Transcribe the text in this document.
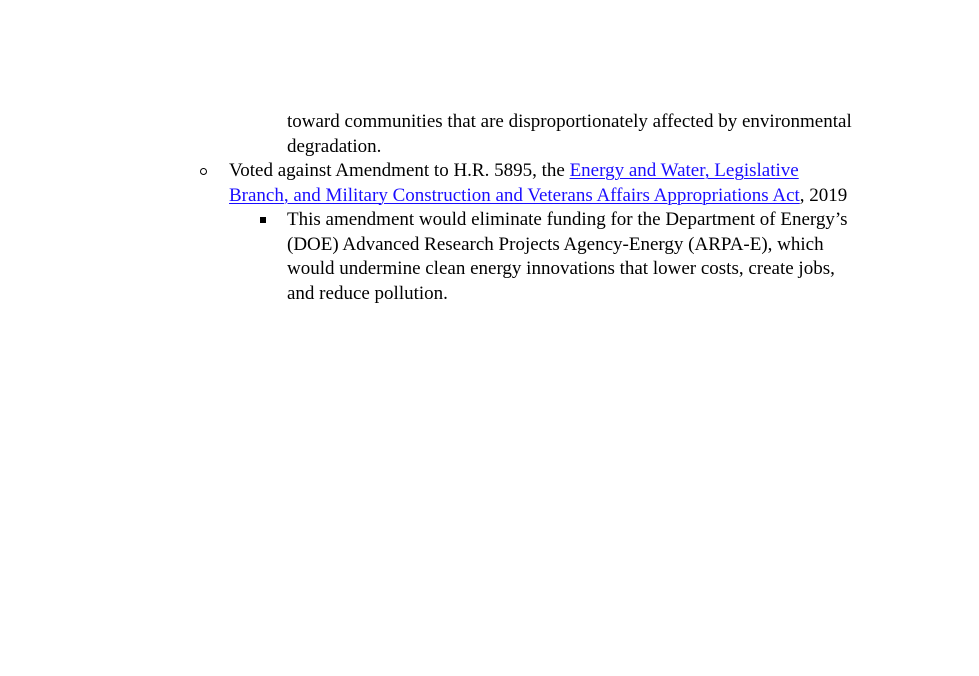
toward communities that are disproportionately affected by environmental
degradation.
Voted against Amendment to H.R. 5895, the Energy and Water, Legislative
Branch, and Military Construction and Veterans Affairs Appropriations Act, 2019
This amendment would eliminate funding for the Department of Energy’s
(DOE) Advanced Research Projects Agency-Energy (ARPA-E), which
would undermine clean energy innovations that lower costs, create jobs,
and reduce pollution.
